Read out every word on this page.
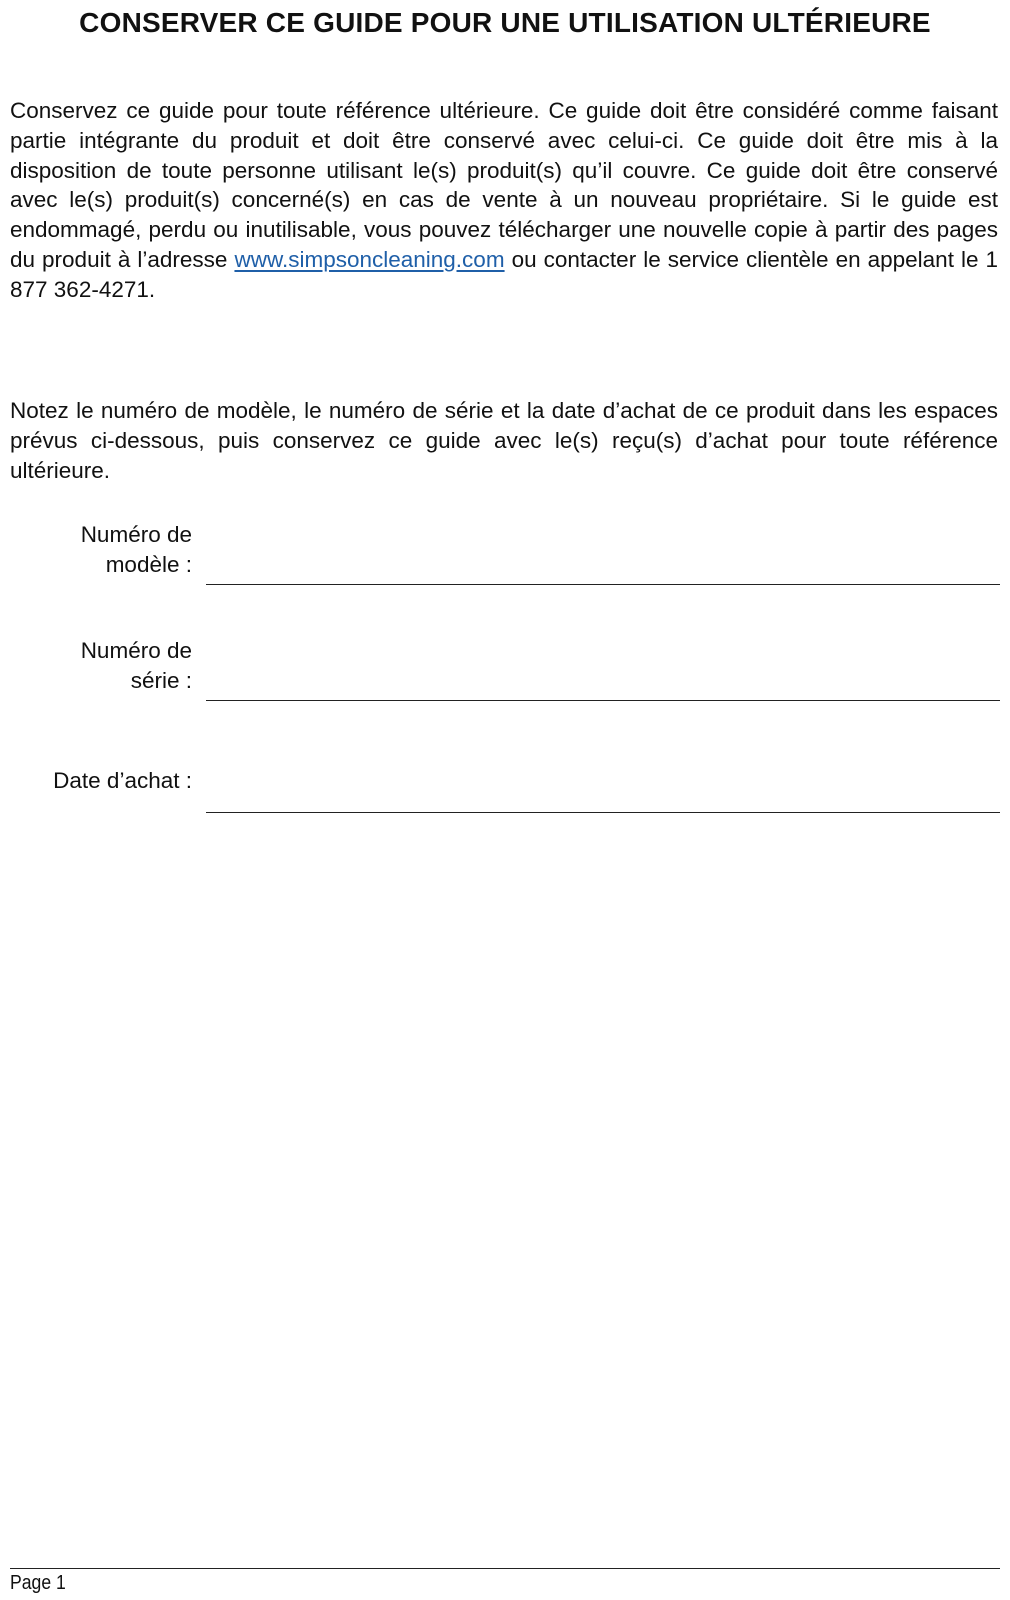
CONSERVER CE GUIDE POUR UNE UTILISATION ULTÉRIEURE

Conservez ce guide pour toute référence ultérieure. Ce guide doit être considéré comme faisant partie intégrante du produit et doit être conservé avec celui-ci. Ce guide doit être mis à la disposition de toute personne utilisant le(s) produit(s) qu’il couvre. Ce guide doit être conservé avec le(s) produit(s) concerné(s) en cas de vente à un nouveau propriétaire. Si le guide est endommagé, perdu ou inutilisable, vous pouvez télécharger une nouvelle copie à partir des pages du produit à l’adresse www.simpsoncleaning.com ou contacter le service clientèle en appelant le 1 877 362-4271.

Notez le numéro de modèle, le numéro de série et la date d’achat de ce produit dans les espaces prévus ci-dessous, puis conservez ce guide avec le(s) reçu(s) d’achat pour toute référence ultérieure.

Numéro de
modèle :
Numéro de
série :
Date d’achat :

Page 1
